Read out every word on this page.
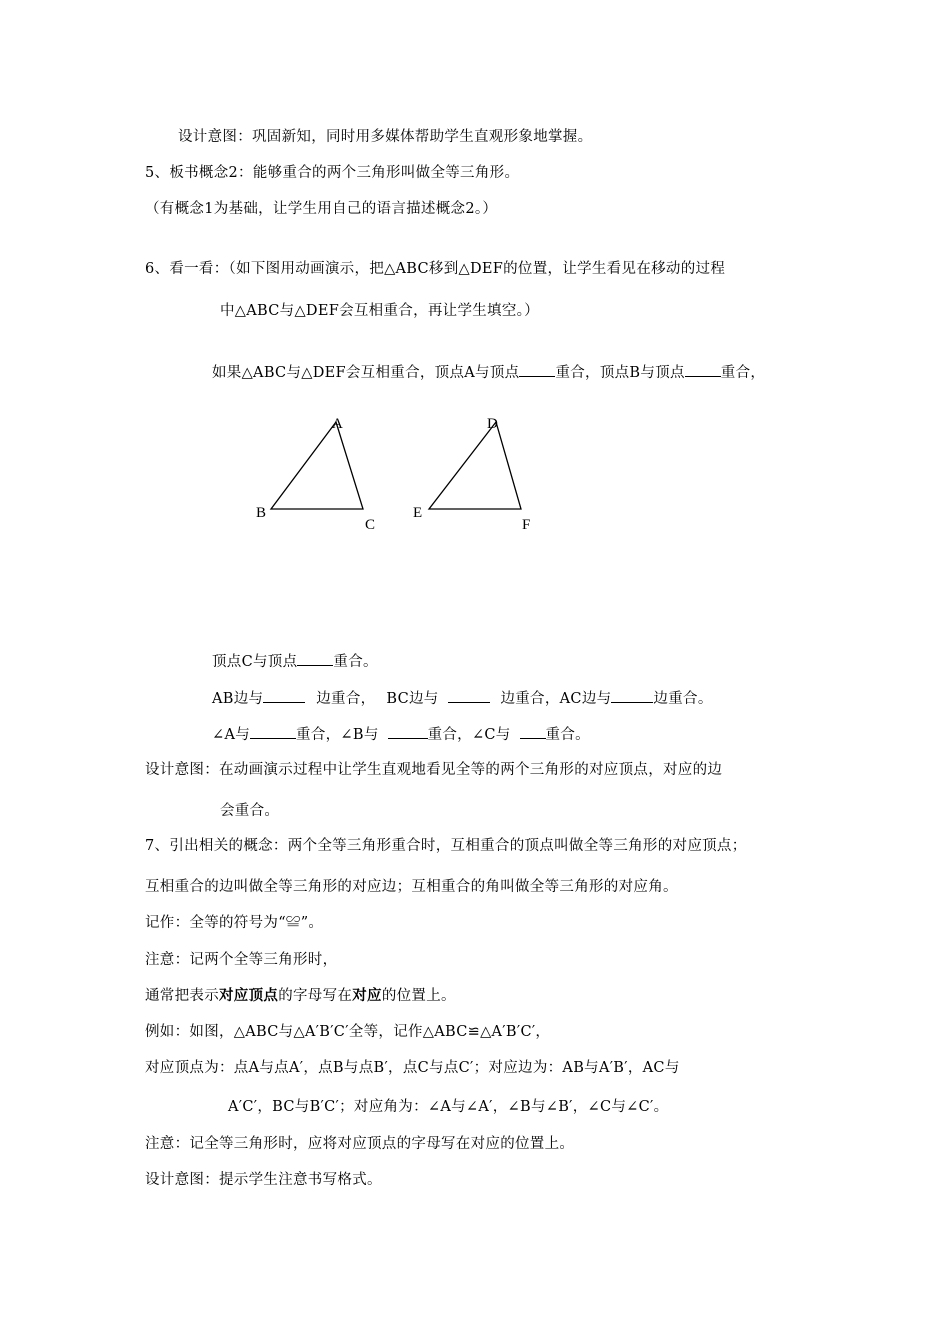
设计意图：巩固新知，同时用多媒体帮助学生直观形象地掌握。
5、板书概念2：能够重合的两个三角形叫做全等三角形。
（有概念1为基础，让学生用自己的语言描述概念2。）
6、看一看：（如下图用动画演示，把△ABC移到△DEF的位置，让学生看见在移动的过程
中△ABC与△DEF会互相重合，再让学生填空。）
如果△ABC与△DEF会互相重合，顶点A与顶点 重合，顶点B与顶点 重合，
A
B
C
D
E
F
顶点C与顶点 重合。
AB边与	边重合， BC边与	边重合，AC边与	边重合。
∠A与	重合，∠B与	重合，∠C与 重合。
设计意图：在动画演示过程中让学生直观地看见全等的两个三角形的对应顶点，对应的边
会重合。
7、引出相关的概念：两个全等三角形重合时，互相重合的顶点叫做全等三角形的对应顶点；
互相重合的边叫做全等三角形的对应边；互相重合的角叫做全等三角形的对应角。
记作：全等的符号为“≌”。
注意：记两个全等三角形时，
通常把表示对应顶点的字母写在对应的位置上。
例如：如图，△ABC与△A′B′C′全等，记作△ABC≌△A′B′C′，
对应顶点为：点A与点A′，点B与点B′，点C与点C′；对应边为：AB与A′B′，AC与
A′C′，BC与B′C′；对应角为：∠A与∠A′，∠B与∠B′，∠C与∠C′。
注意：记全等三角形时，应将对应顶点的字母写在对应的位置上。
设计意图：提示学生注意书写格式。
